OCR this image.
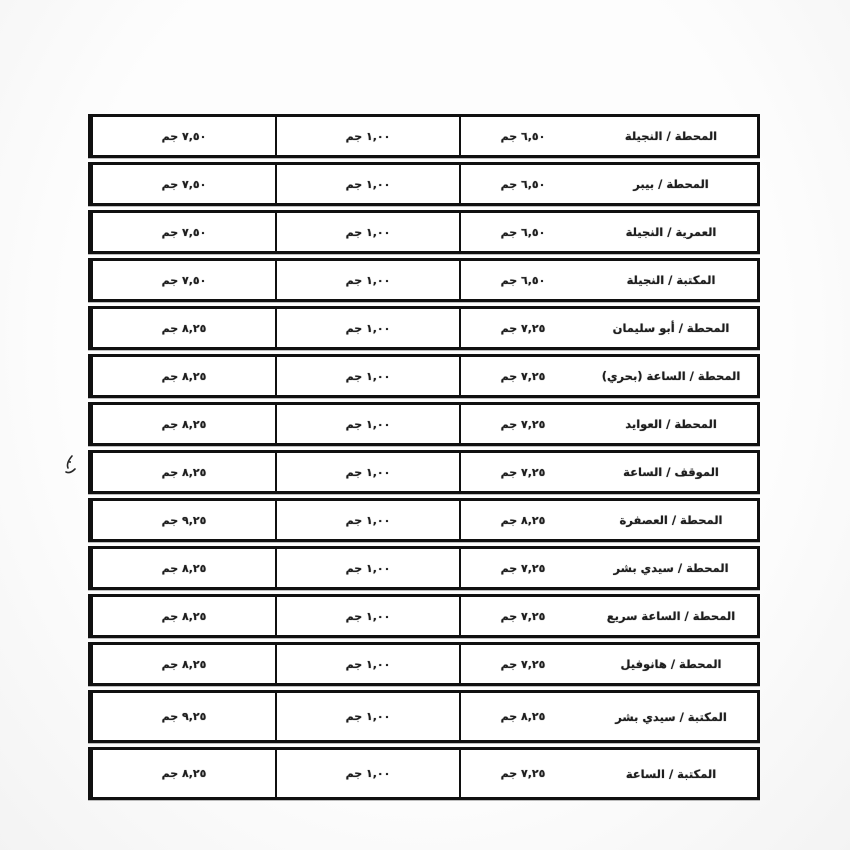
المحطة / النجيلة
٦,٥٠ جم
١,٠٠ جم
٧,٥٠ جم
المحطة / بيبر
٦,٥٠ جم
١,٠٠ جم
٧,٥٠ جم
العمرية / النجيلة
٦,٥٠ جم
١,٠٠ جم
٧,٥٠ جم
المكتبة / النجيلة
٦,٥٠ جم
١,٠٠ جم
٧,٥٠ جم
المحطة / أبو سليمان
٧,٢٥ جم
١,٠٠ جم
٨,٢٥ جم
المحطة / الساعة (بحري)
٧,٢٥ جم
١,٠٠ جم
٨,٢٥ جم
المحطة / العوايد
٧,٢٥ جم
١,٠٠ جم
٨,٢٥ جم
الموقف / الساعة
٧,٢٥ جم
١,٠٠ جم
٨,٢٥ جم
المحطة / العصفرة
٨,٢٥ جم
١,٠٠ جم
٩,٢٥ جم
المحطة / سيدي بشر
٧,٢٥ جم
١,٠٠ جم
٨,٢٥ جم
المحطة / الساعة سريع
٧,٢٥ جم
١,٠٠ جم
٨,٢٥ جم
المحطة / هانوفيل
٧,٢٥ جم
١,٠٠ جم
٨,٢٥ جم
المكتبة / سيدي بشر
٨,٢٥ جم
١,٠٠ جم
٩,٢٥ جم
المكتبة / الساعة
٧,٢٥ جم
١,٠٠ جم
٨,٢٥ جم
